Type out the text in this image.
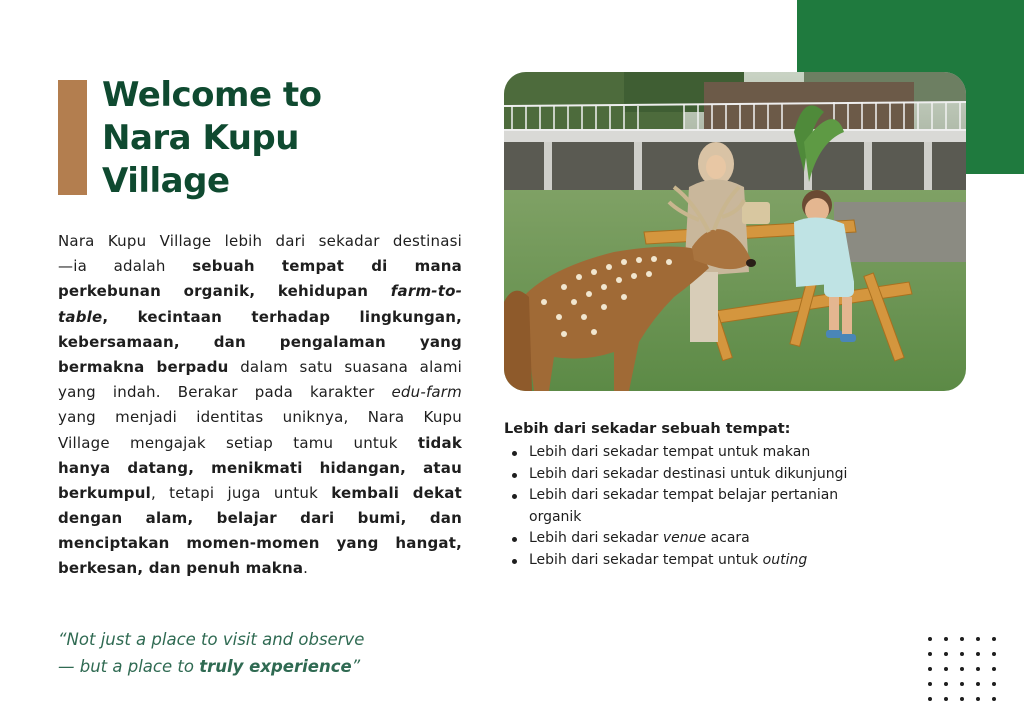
Welcome to
Nara Kupu
Village
Nara Kupu Village lebih dari sekadar destinasi
—ia adalah sebuah tempat di mana
perkebunan organik, kehidupan farm-to-
table, kecintaan terhadap lingkungan,
kebersamaan, dan pengalaman yang
bermakna berpadu dalam satu suasana alami
yang indah. Berakar pada karakter edu-farm
yang menjadi identitas uniknya, Nara Kupu
Village mengajak setiap tamu untuk tidak
hanya datang, menikmati hidangan, atau
berkumpul, tetapi juga untuk kembali dekat
dengan alam, belajar dari bumi, dan
menciptakan momen-momen yang hangat,
berkesan, dan penuh makna.
“Not just a place to visit and observe
— but a place to truly experience”
Lebih dari sekadar sebuah tempat:
Lebih dari sekadar tempat untuk makan
Lebih dari sekadar destinasi untuk dikunjungi
Lebih dari sekadar tempat belajar pertanian
organik
Lebih dari sekadar venue acara
Lebih dari sekadar tempat untuk outing
